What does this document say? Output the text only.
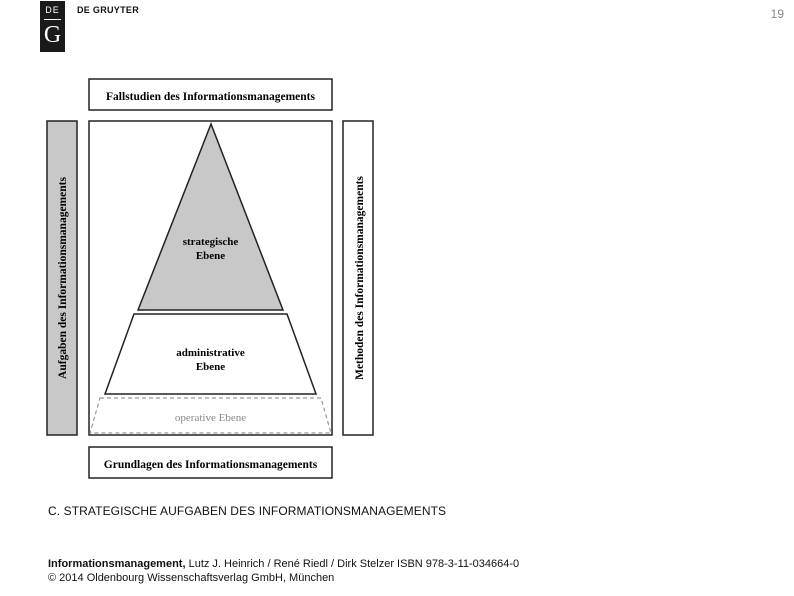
DE
G
DE GRUYTER	19
Fallstudien des Informationsmanagements
Aufgaben des Informationsmanagements	Methoden des Informationsmanagements
strategische
Ebene
administrative
Ebene
operative Ebene
Grundlagen des Informationsmanagements
C. STRATEGISCHE AUFGABEN DES INFORMATIONSMANAGEMENTS
Informationsmanagement, Lutz J. Heinrich / René Riedl / Dirk Stelzer ISBN 978-3-11-034664-0
© 2014 Oldenbourg Wissenschaftsverlag GmbH, München
